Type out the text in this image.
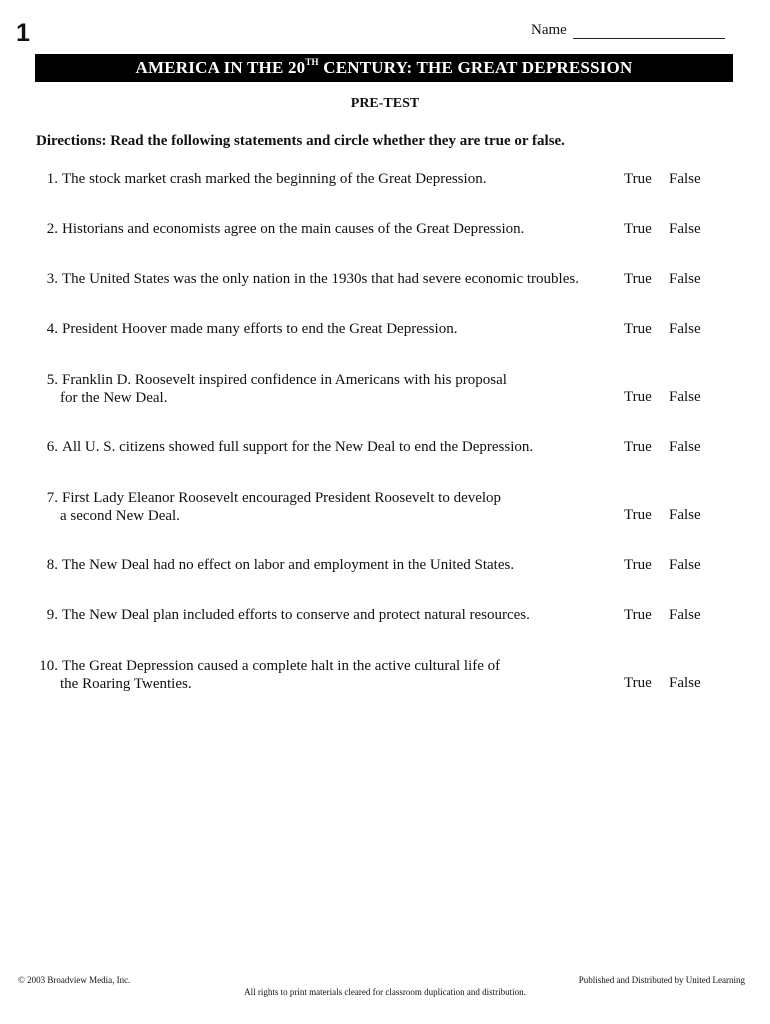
1	Name
AMERICA IN THE 20TH CENTURY: THE GREAT DEPRESSION
PRE-TEST
Directions: Read the following statements and circle whether they are true or false.
1. The stock market crash marked the beginning of the Great Depression.	True False
2. Historians and economists agree on the main causes of the Great Depression.	True False
3. The United States was the only nation in the 1930s that had severe economic troubles.	True False
4. President Hoover made many efforts to end the Great Depression.	True False
5. Franklin D. Roosevelt inspired confidence in Americans with his proposal
for the New Deal.	True False
6. All U. S. citizens showed full support for the New Deal to end the Depression.	True False
7. First Lady Eleanor Roosevelt encouraged President Roosevelt to develop
a second New Deal.	True False
8. The New Deal had no effect on labor and employment in the United States.	True False
9. The New Deal plan included efforts to conserve and protect natural resources.	True False
10. The Great Depression caused a complete halt in the active cultural life of
the Roaring Twenties.	True False
© 2003 Broadview Media, Inc.	Published and Distributed by United Learning
All rights to print materials cleared for classroom duplication and distribution.
